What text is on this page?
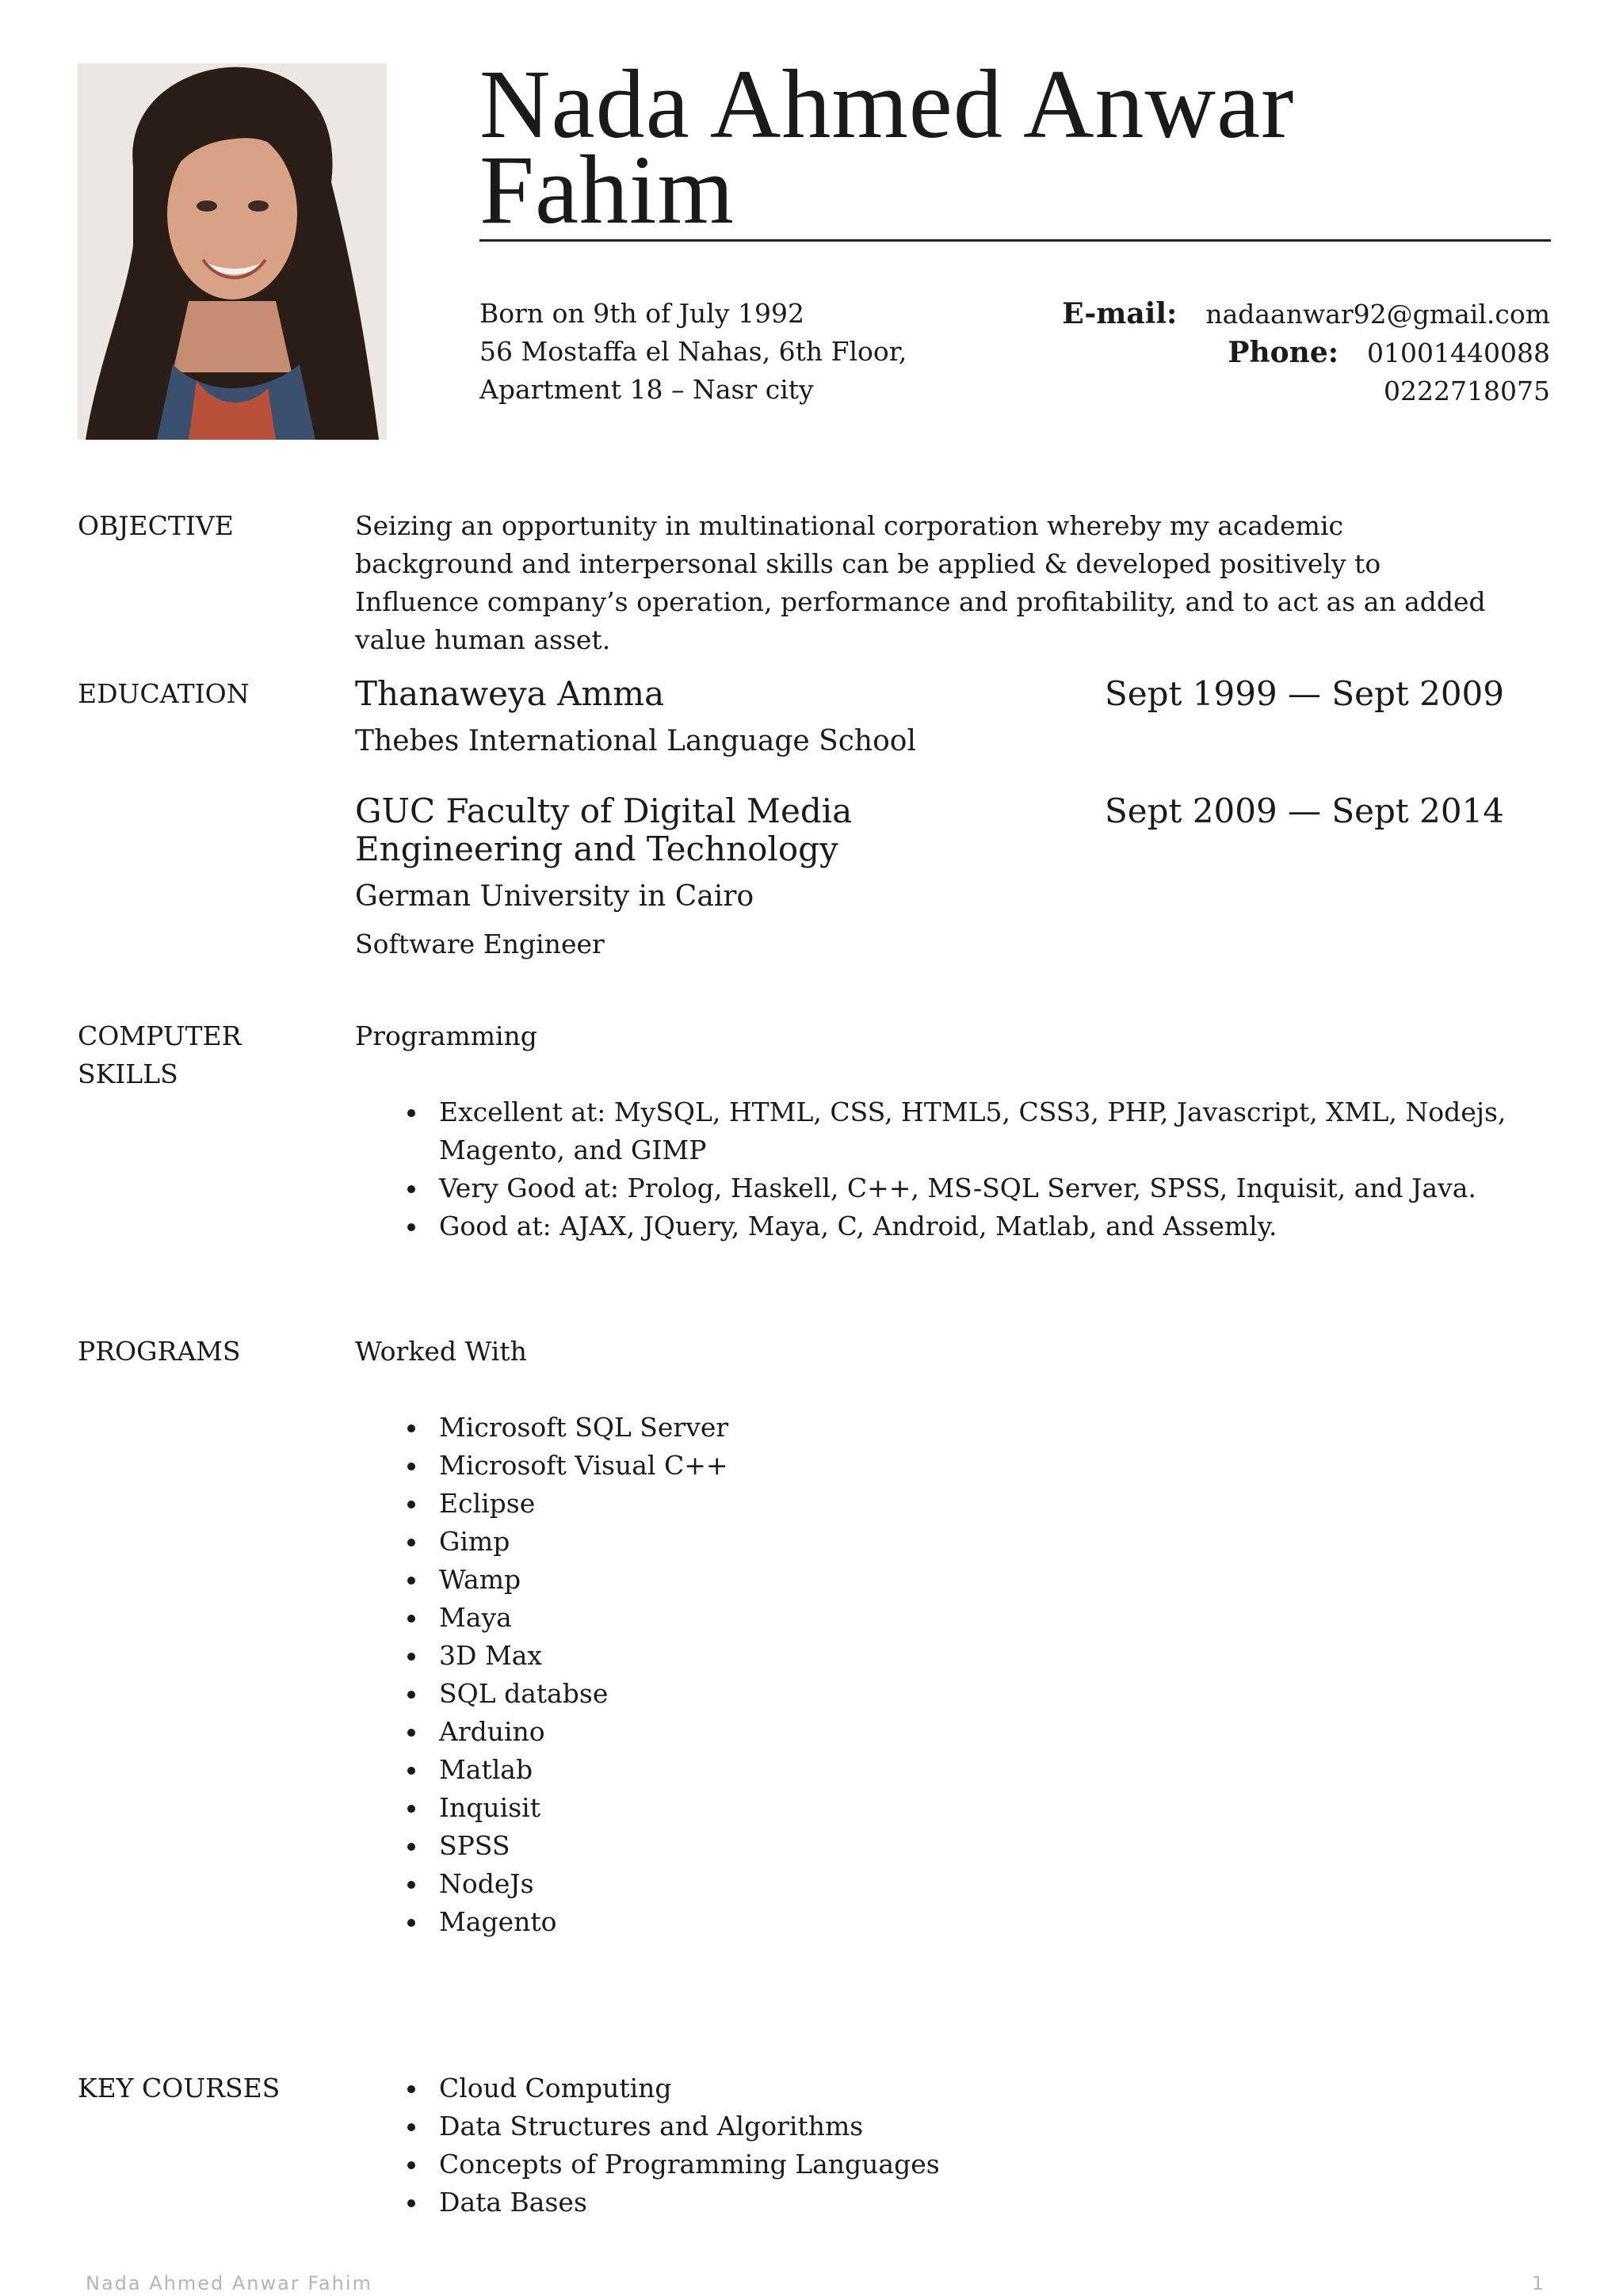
Nada Ahmed Anwar
Fahim
Born on 9th of July 1992
56 Mostaffa el Nahas, 6th Floor,
Apartment 18 – Nasr city
E-mail: nadaanwar92@gmail.com
Phone: 01001440088
0222718075
OBJECTIVE	Seizing an opportunity in multinational corporation whereby my academic background and interpersonal skills can be applied & developed positively to Influence company’s operation, performance and profitability, and to act as an added value human asset.

EDUCATION	Thanaweya Amma	Sept 1999 — Sept 2009
Thebes International Language School
GUC Faculty of Digital Media Engineering and Technology
Sept 2009 — Sept 2014
German University in Cairo
Software Engineer
COMPUTER
SKILLS
Programming
Excellent at: MySQL, HTML, CSS, HTML5, CSS3, PHP, Javascript, XML, Nodejs, Magento, and GIMP
Very Good at: Prolog, Haskell, C++, MS-SQL Server, SPSS, Inquisit, and Java.
Good at: AJAX, JQuery, Maya, C, Android, Matlab, and Assemly.
PROGRAMS	Worked With
Microsoft SQL Server
Microsoft Visual C++
Eclipse
Gimp
Wamp
Maya
3D Max
SQL databse
Arduino
Matlab
Inquisit
SPSS
NodeJs
Magento
KEY COURSES	Cloud Computing
Data Structures and Algorithms
Concepts of Programming Languages
Data Bases
Nada Ahmed Anwar Fahim	1
